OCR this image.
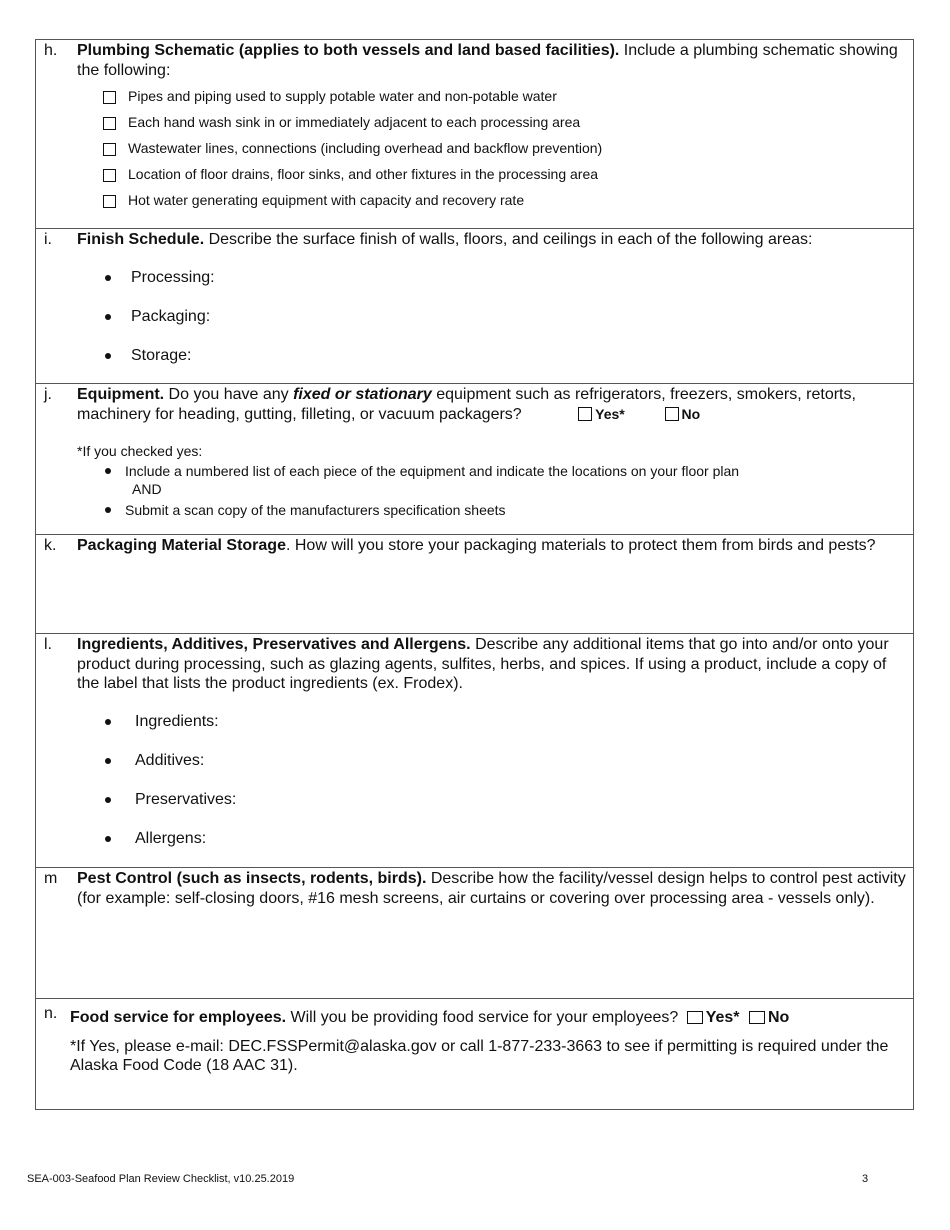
h. Plumbing Schematic (applies to both vessels and land based facilities). Include a plumbing schematic showing the following:

Pipes and piping used to supply potable water and non-potable water
Each hand wash sink in or immediately adjacent to each processing area
Wastewater lines, connections (including overhead and backflow prevention)
Location of floor drains, floor sinks, and other fixtures in the processing area
Hot water generating equipment with capacity and recovery rate
i. Finish Schedule. Describe the surface finish of walls, floors, and ceilings in each of the following areas:

Processing:
Packaging:
Storage:
j. Equipment. Do you have any fixed or stationary equipment such as refrigerators, freezers, smokers, retorts, machinery for heading, gutting, filleting, or vacuum packagers?	Yes*	No

*If you checked yes:

Include a numbered list of each piece of the equipment and indicate the locations on your floor plan
AND
Submit a scan copy of the manufacturers specification sheets
k. Packaging Material Storage. How will you store your packaging materials to protect them from birds and pests?

l. Ingredients, Additives, Preservatives and Allergens. Describe any additional items that go into and/or onto your product during processing, such as glazing agents, sulfites, herbs, and spices. If using a product, include a copy of the label that lists the product ingredients (ex. Frodex).

Ingredients:
Additives:
Preservatives:
Allergens:
m Pest Control (such as insects, rodents, birds). Describe how the facility/vessel design helps to control pest activity (for example: self-closing doors, #16 mesh screens, air curtains or covering over processing area - vessels only).

n. Food service for employees. Will you be providing food service for your employees? Yes* No

*If Yes, please e-mail: DEC.FSSPermit@alaska.gov or call 1-877-233-3663 to see if permitting is required under the Alaska Food Code (18 AAC 31).

SEA-003-Seafood Plan Review Checklist, v10.25.2019	3
